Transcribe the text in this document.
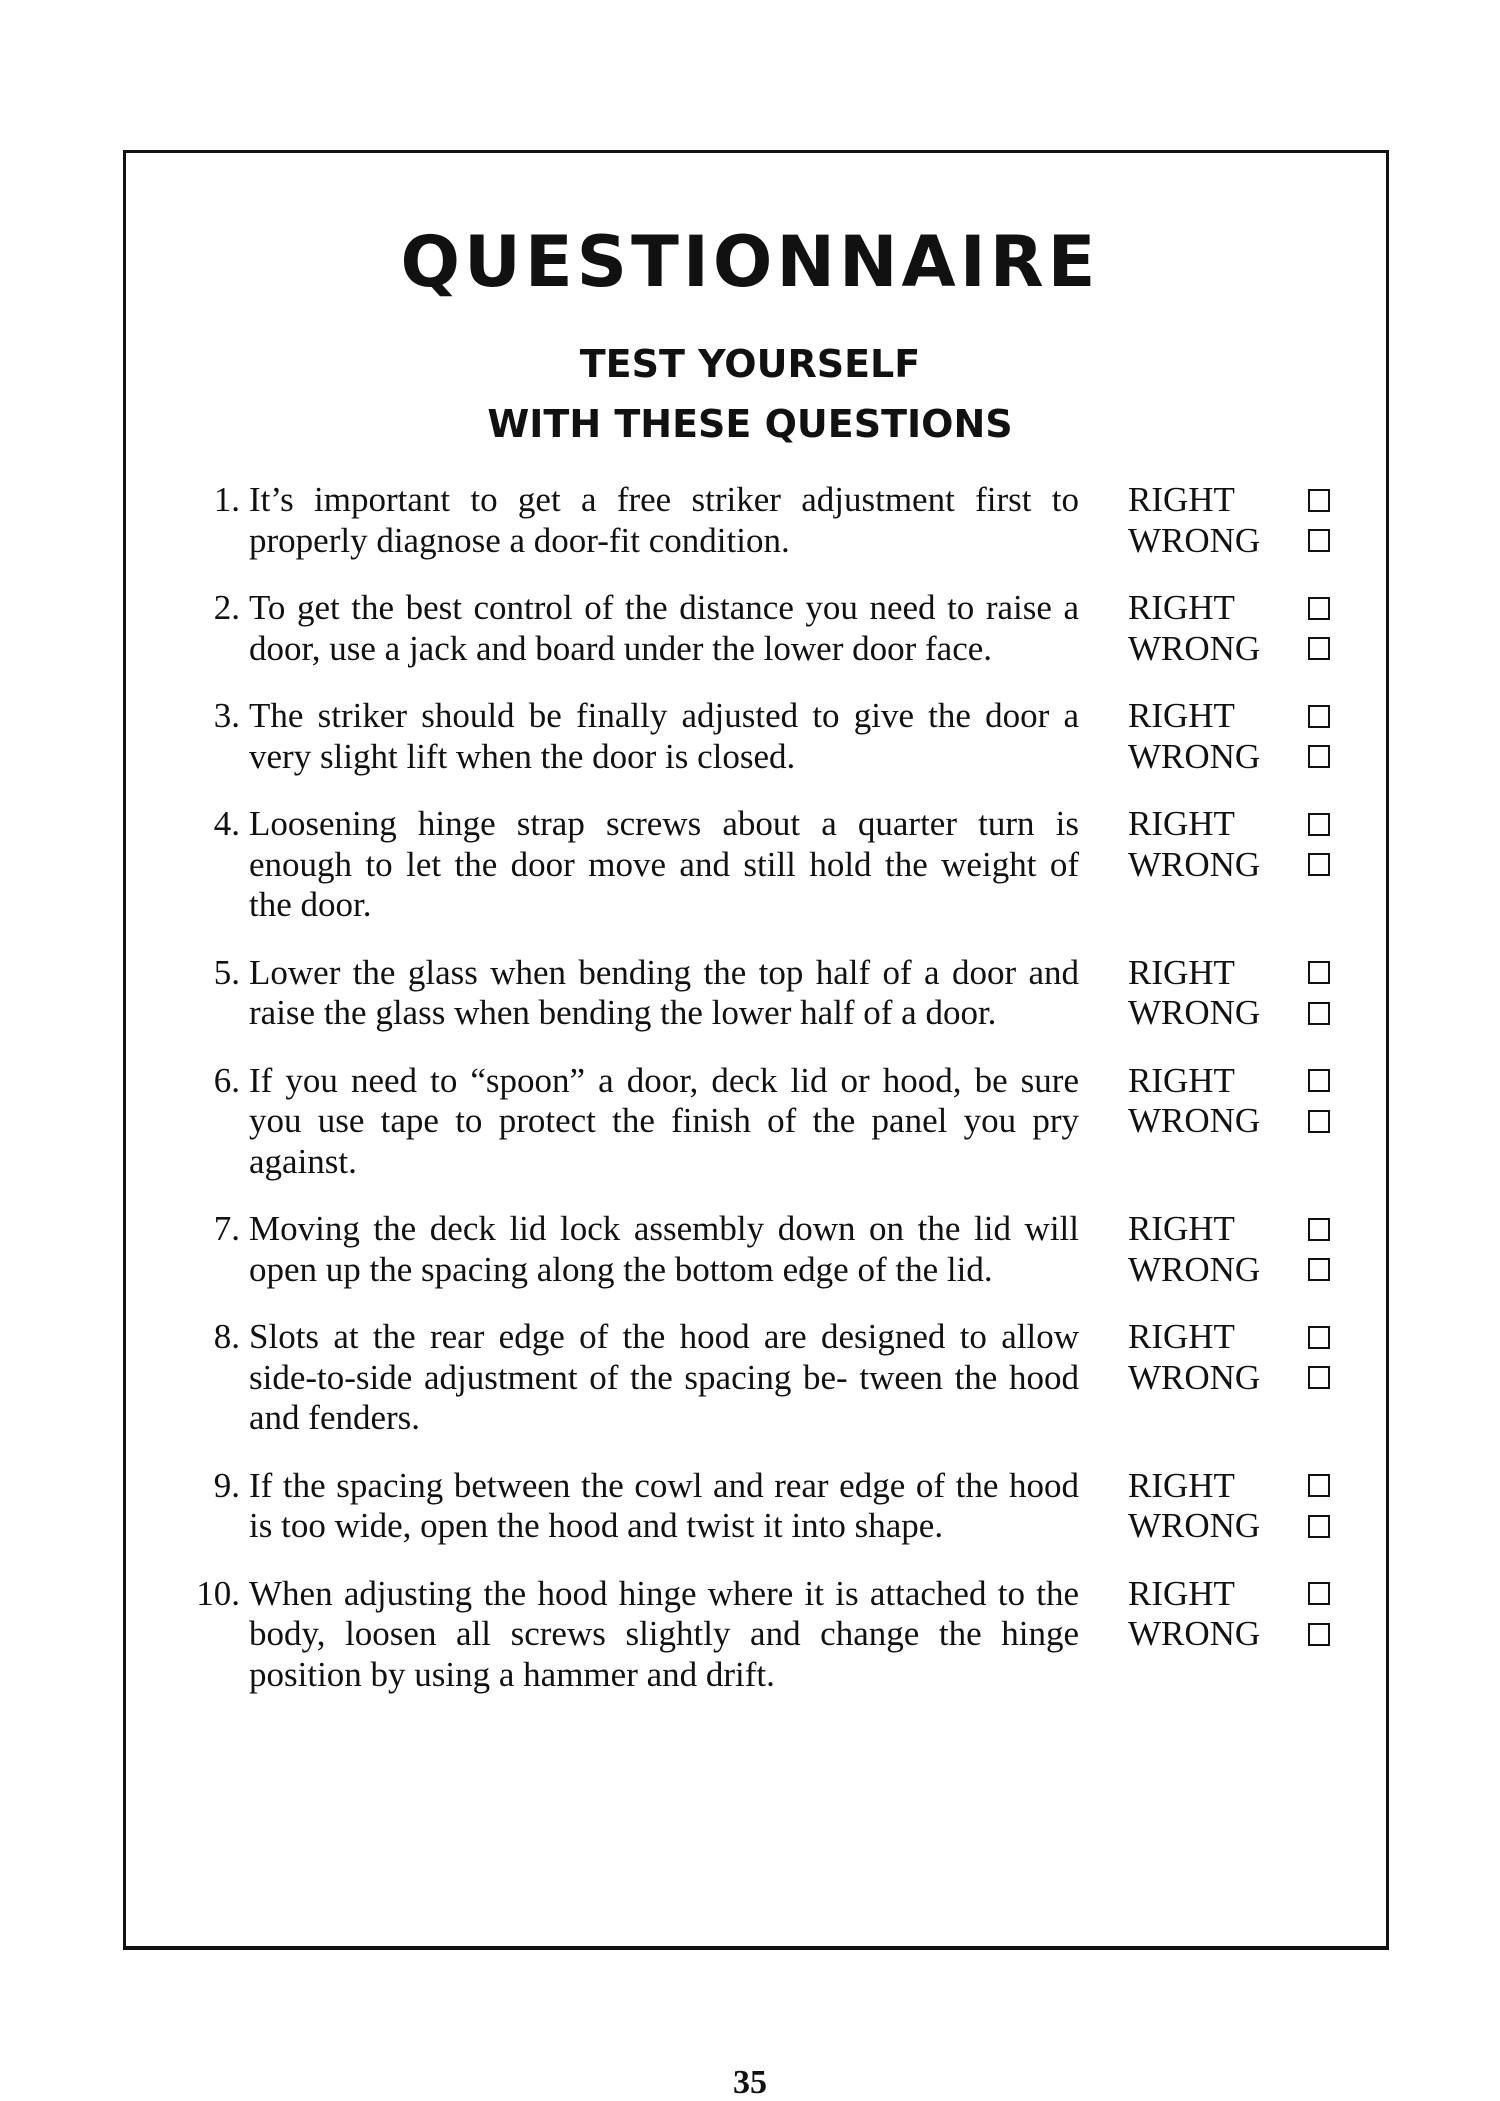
QUESTIONNAIRE
TEST YOURSELF
WITH THESE QUESTIONS
1. It’s important to get a free striker adjustment first to properly diagnose a door-fit condition.
RIGHT
WRONG
2. To get the best control of the distance you need to raise a door, use a jack and board under the lower door face.
RIGHT
WRONG
3. The striker should be finally adjusted to give the door a very slight lift when the door is closed.
RIGHT
WRONG
4. Loosening hinge strap screws about a quarter turn is enough to let the door move and still hold the weight of the door.
RIGHT
WRONG
5. Lower the glass when bending the top half of a door and raise the glass when bending the lower half of a door.
RIGHT
WRONG
6. If you need to “spoon” a door, deck lid or hood, be sure you use tape to protect the finish of the panel you pry against.
RIGHT
WRONG
7. Moving the deck lid lock assembly down on the lid will open up the spacing along the bottom edge of the lid.
RIGHT
WRONG
8. Slots at the rear edge of the hood are designed to allow side-to-side adjustment of the spacing be- tween the hood and fenders.
RIGHT
WRONG
9. If the spacing between the cowl and rear edge of the hood is too wide, open the hood and twist it into shape.
RIGHT
WRONG
10. When adjusting the hood hinge where it is attached to the body, loosen all screws slightly and change the hinge position by using a hammer and drift.
RIGHT
WRONG
35
